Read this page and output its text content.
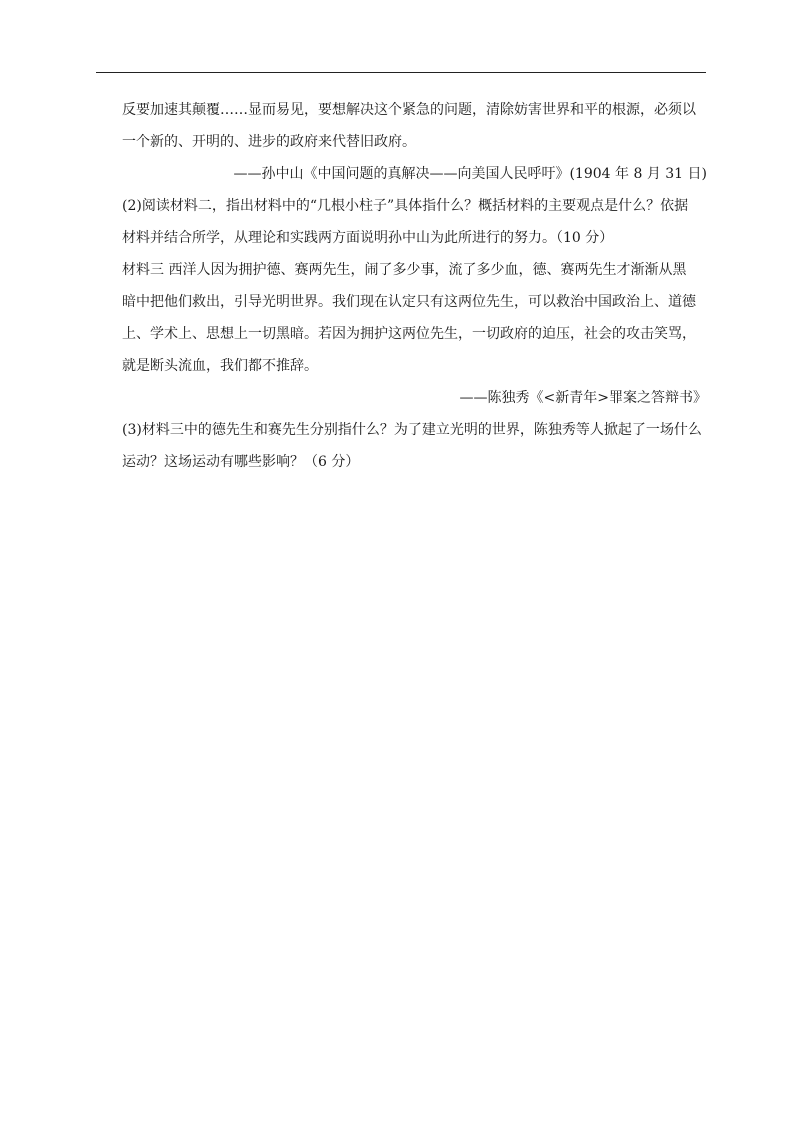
反要加速其颠覆……显而易见，要想解决这个紧急的问题，清除妨害世界和平的根源，必须以
一个新的、开明的、进步的政府来代替旧政府。
——孙中山《中国问题的真解决——向美国人民呼吁》(1904 年 8 月 31 日)
(2)阅读材料二，指出材料中的“几根小柱子”具体指什么？概括材料的主要观点是什么？依据
材料并结合所学，从理论和实践两方面说明孙中山为此所进行的努力。（10 分）
材料三 西洋人因为拥护德、赛两先生，闹了多少事，流了多少血，德、赛两先生才渐渐从黑
暗中把他们救出，引导光明世界。我们现在认定只有这两位先生，可以救治中国政治上、道德
上、学术上、思想上一切黑暗。若因为拥护这两位先生，一切政府的迫压，社会的攻击笑骂，
就是断头流血，我们都不推辞。
——陈独秀《<新青年>罪案之答辩书》
(3)材料三中的德先生和赛先生分别指什么？为了建立光明的世界，陈独秀等人掀起了一场什么
运动？这场运动有哪些影响？（6 分）
